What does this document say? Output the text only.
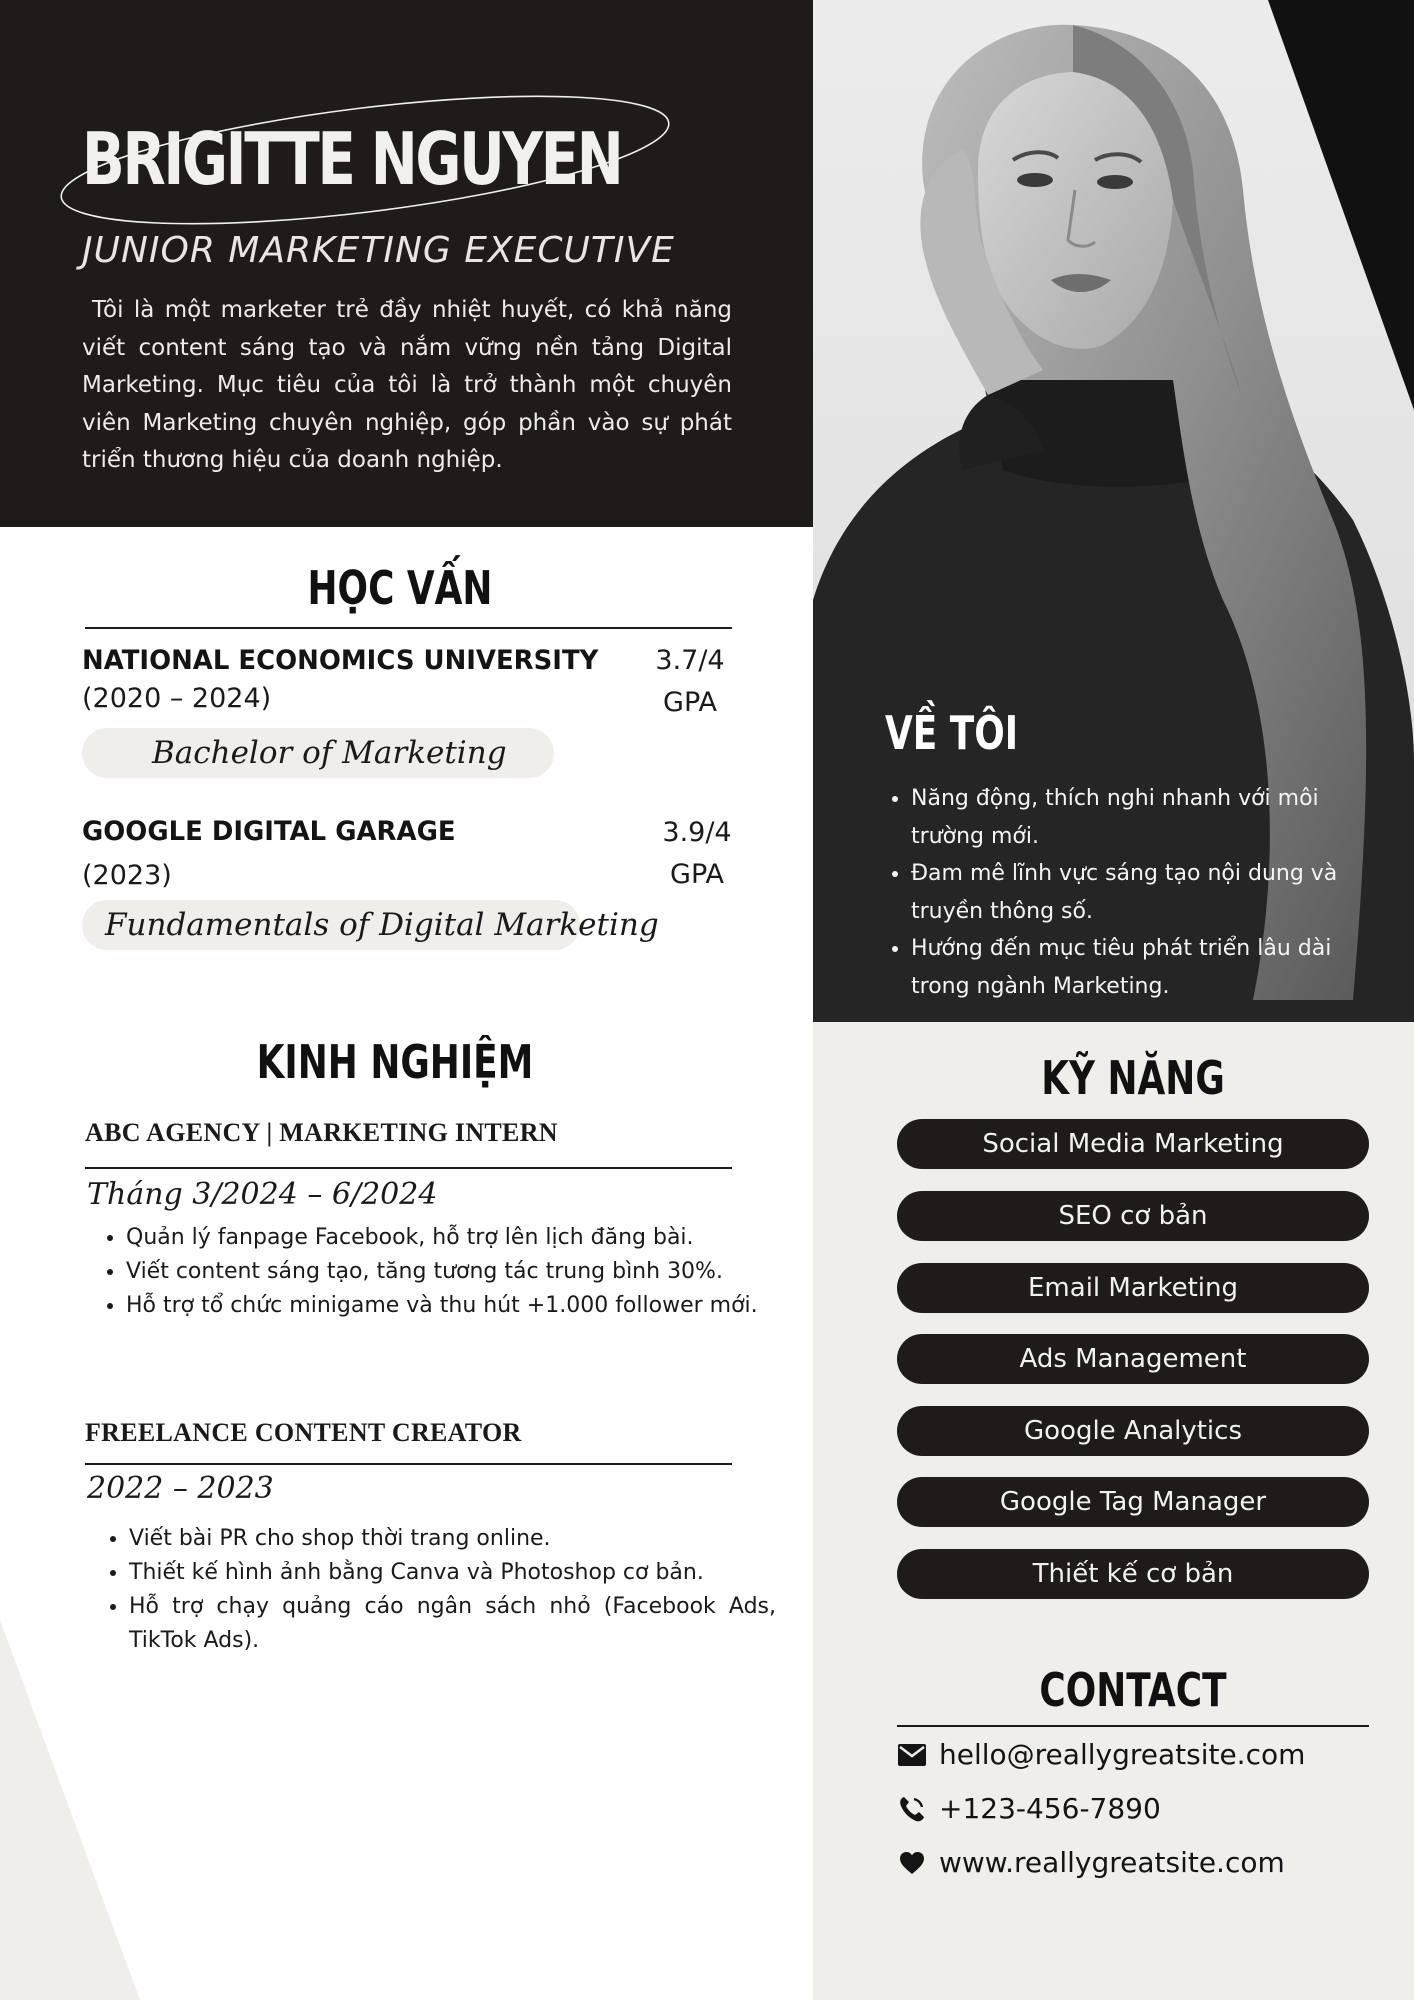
BRIGITTE NGUYEN

JUNIOR MARKETING EXECUTIVE

Tôi là một marketer trẻ đầy nhiệt huyết, có khả năng viết content sáng tạo và nắm vững nền tảng Digital Marketing. Mục tiêu của tôi là trở thành một chuyên viên Marketing chuyên nghiệp, góp phần vào sự phát triển thương hiệu của doanh nghiệp.

VỀ TÔI
• Năng động, thích nghi nhanh với môi trường mới.
• Đam mê lĩnh vực sáng tạo nội dung và truyền thông số.
• Hướng đến mục tiêu phát triển lâu dài trong ngành Marketing.
HỌC VẤN

NATIONAL ECONOMICS UNIVERSITY

(2020 – 2024)

3.7/4

GPA

Bachelor of Marketing

GOOGLE DIGITAL GARAGE

(2023)

3.9/4

GPA

Fundamentals of Digital Marketing

KINH NGHIỆM

ABC AGENCY | MARKETING INTERN

Tháng 3/2024 – 6/2024

• Quản lý fanpage Facebook, hỗ trợ lên lịch đăng bài.
• Viết content sáng tạo, tăng tương tác trung bình 30%.
• Hỗ trợ tổ chức minigame và thu hút +1.000 follower mới.

FREELANCE CONTENT CREATOR

2022 – 2023

• Viết bài PR cho shop thời trang online.
• Thiết kế hình ảnh bằng Canva và Photoshop cơ bản.
• Hỗ trợ chạy quảng cáo ngân sách nhỏ (Facebook Ads, TikTok Ads).
KỸ NĂNG
Social Media Marketing
SEO cơ bản
Email Marketing
Ads Management
Google Analytics
Google Tag Manager
Thiết kế cơ bản
CONTACT
hello@reallygreatsite.com
+123-456-7890
www.reallygreatsite.com
